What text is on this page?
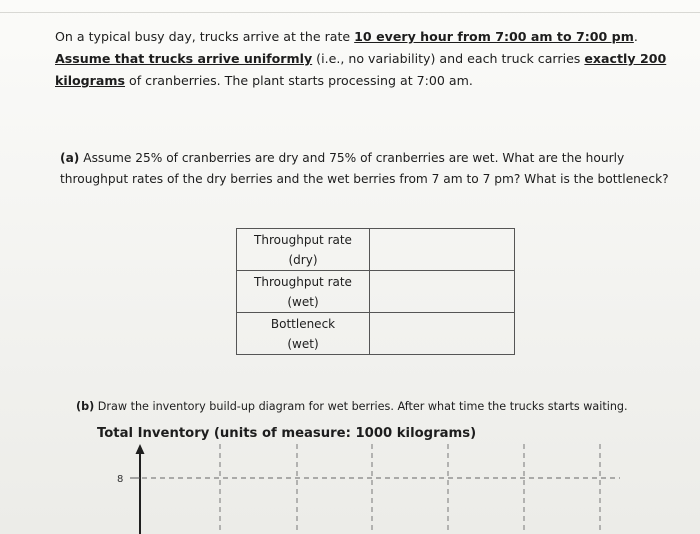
On a typical busy day, trucks arrive at the rate 10 every hour from 7:00 am to 7:00 pm. Assume that trucks arrive uniformly (i.e., no variability) and each truck carries exactly 200 kilograms of cranberries. The plant starts processing at 7:00 am.
(a) Assume 25% of cranberries are dry and 75% of cranberries are wet. What are the hourly throughput rates of the dry berries and the wet berries from 7 am to 7 pm? What is the bottleneck?
Throughput rate
(dry)	
Throughput rate
(wet)	
Bottleneck
(wet)	
(b) Draw the inventory build-up diagram for wet berries. After what time the trucks starts waiting.
Total Inventory (units of measure: 1000 kilograms)
8
